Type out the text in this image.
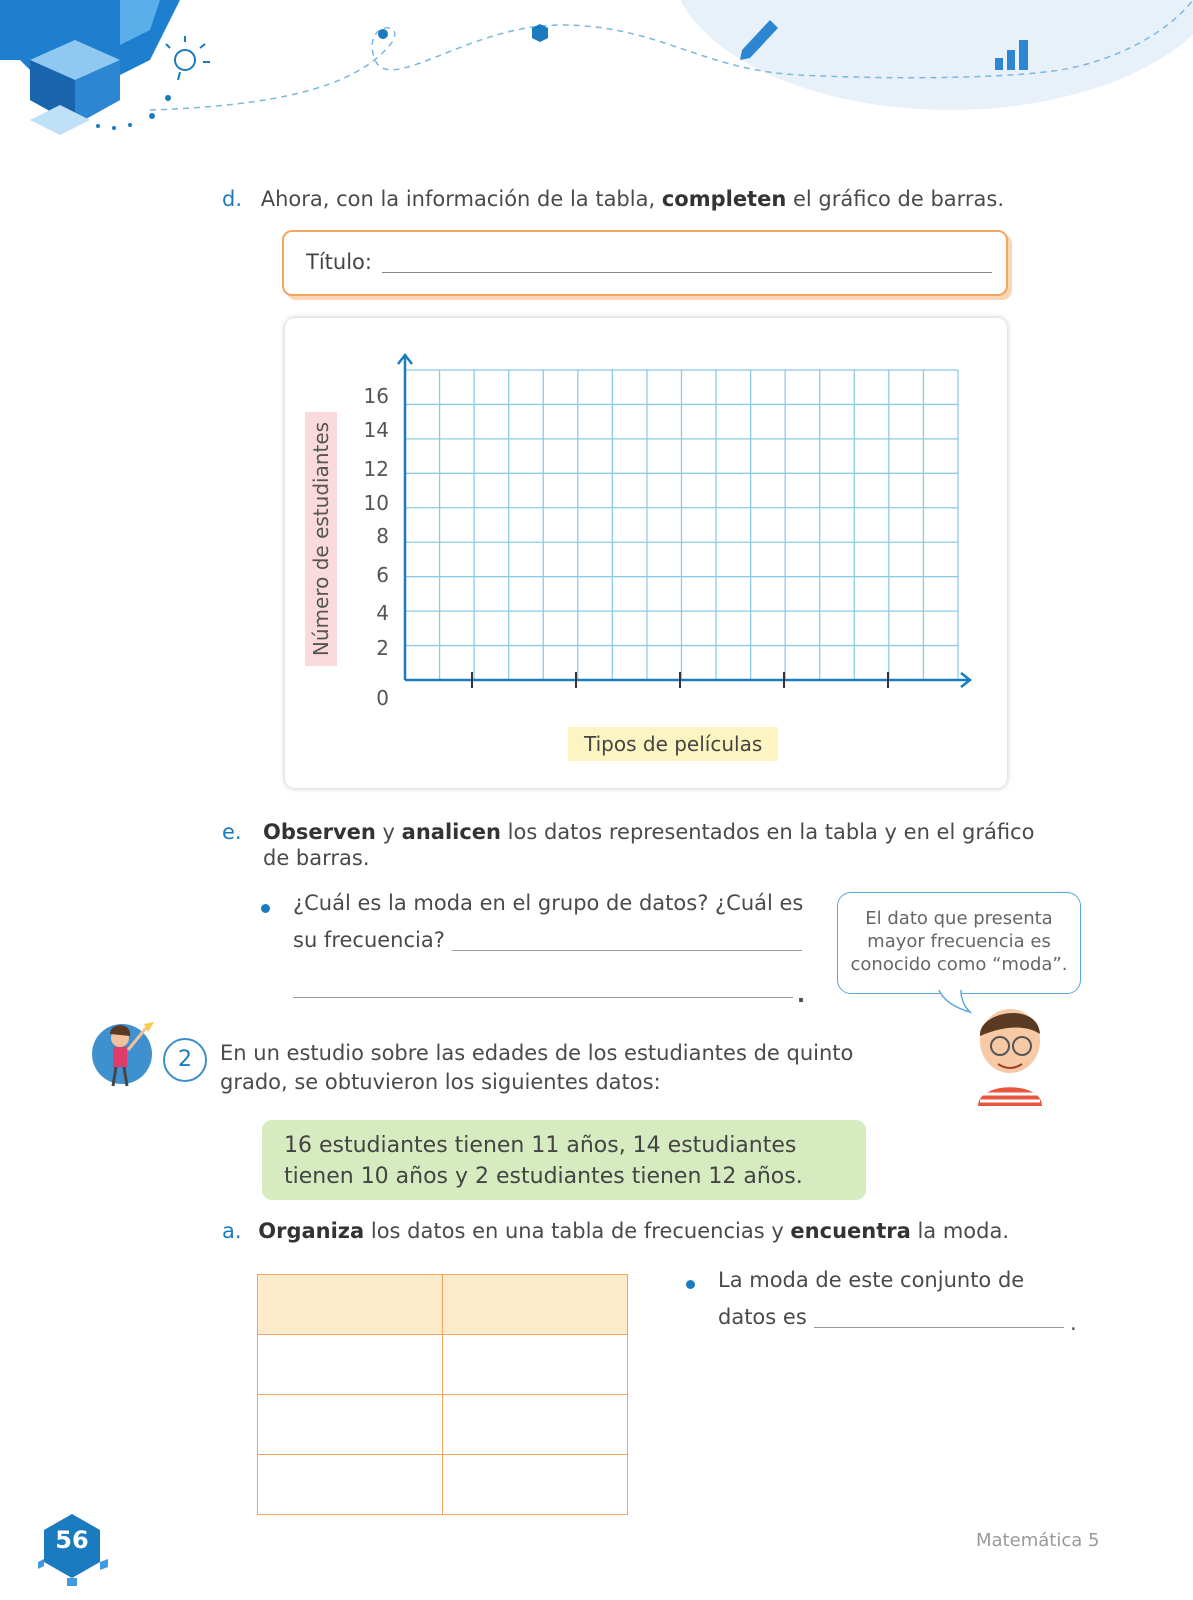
d. Ahora, con la información de la tabla, completen el gráfico de barras.
Título:
Número de estudiantes
Tipos de películas
16
14
12
10
8
6
4
2
0
e. Observen y analicen los datos representados en la tabla y en el gráfico de barras.
¿Cuál es la moda en el grupo de datos? ¿Cuál es
su frecuencia?
.
El dato que presenta mayor frecuencia es conocido como “moda”.
2	En un estudio sobre las edades de los estudiantes de quinto
grado, se obtuvieron los siguientes datos:
16 estudiantes tienen 11 años, 14 estudiantes tienen 10 años y 2 estudiantes tienen 12 años.
a. Organiza los datos en una tabla de frecuencias y encuentra la moda.

La moda de este conjunto de
datos es	.
56	Matemática 5
